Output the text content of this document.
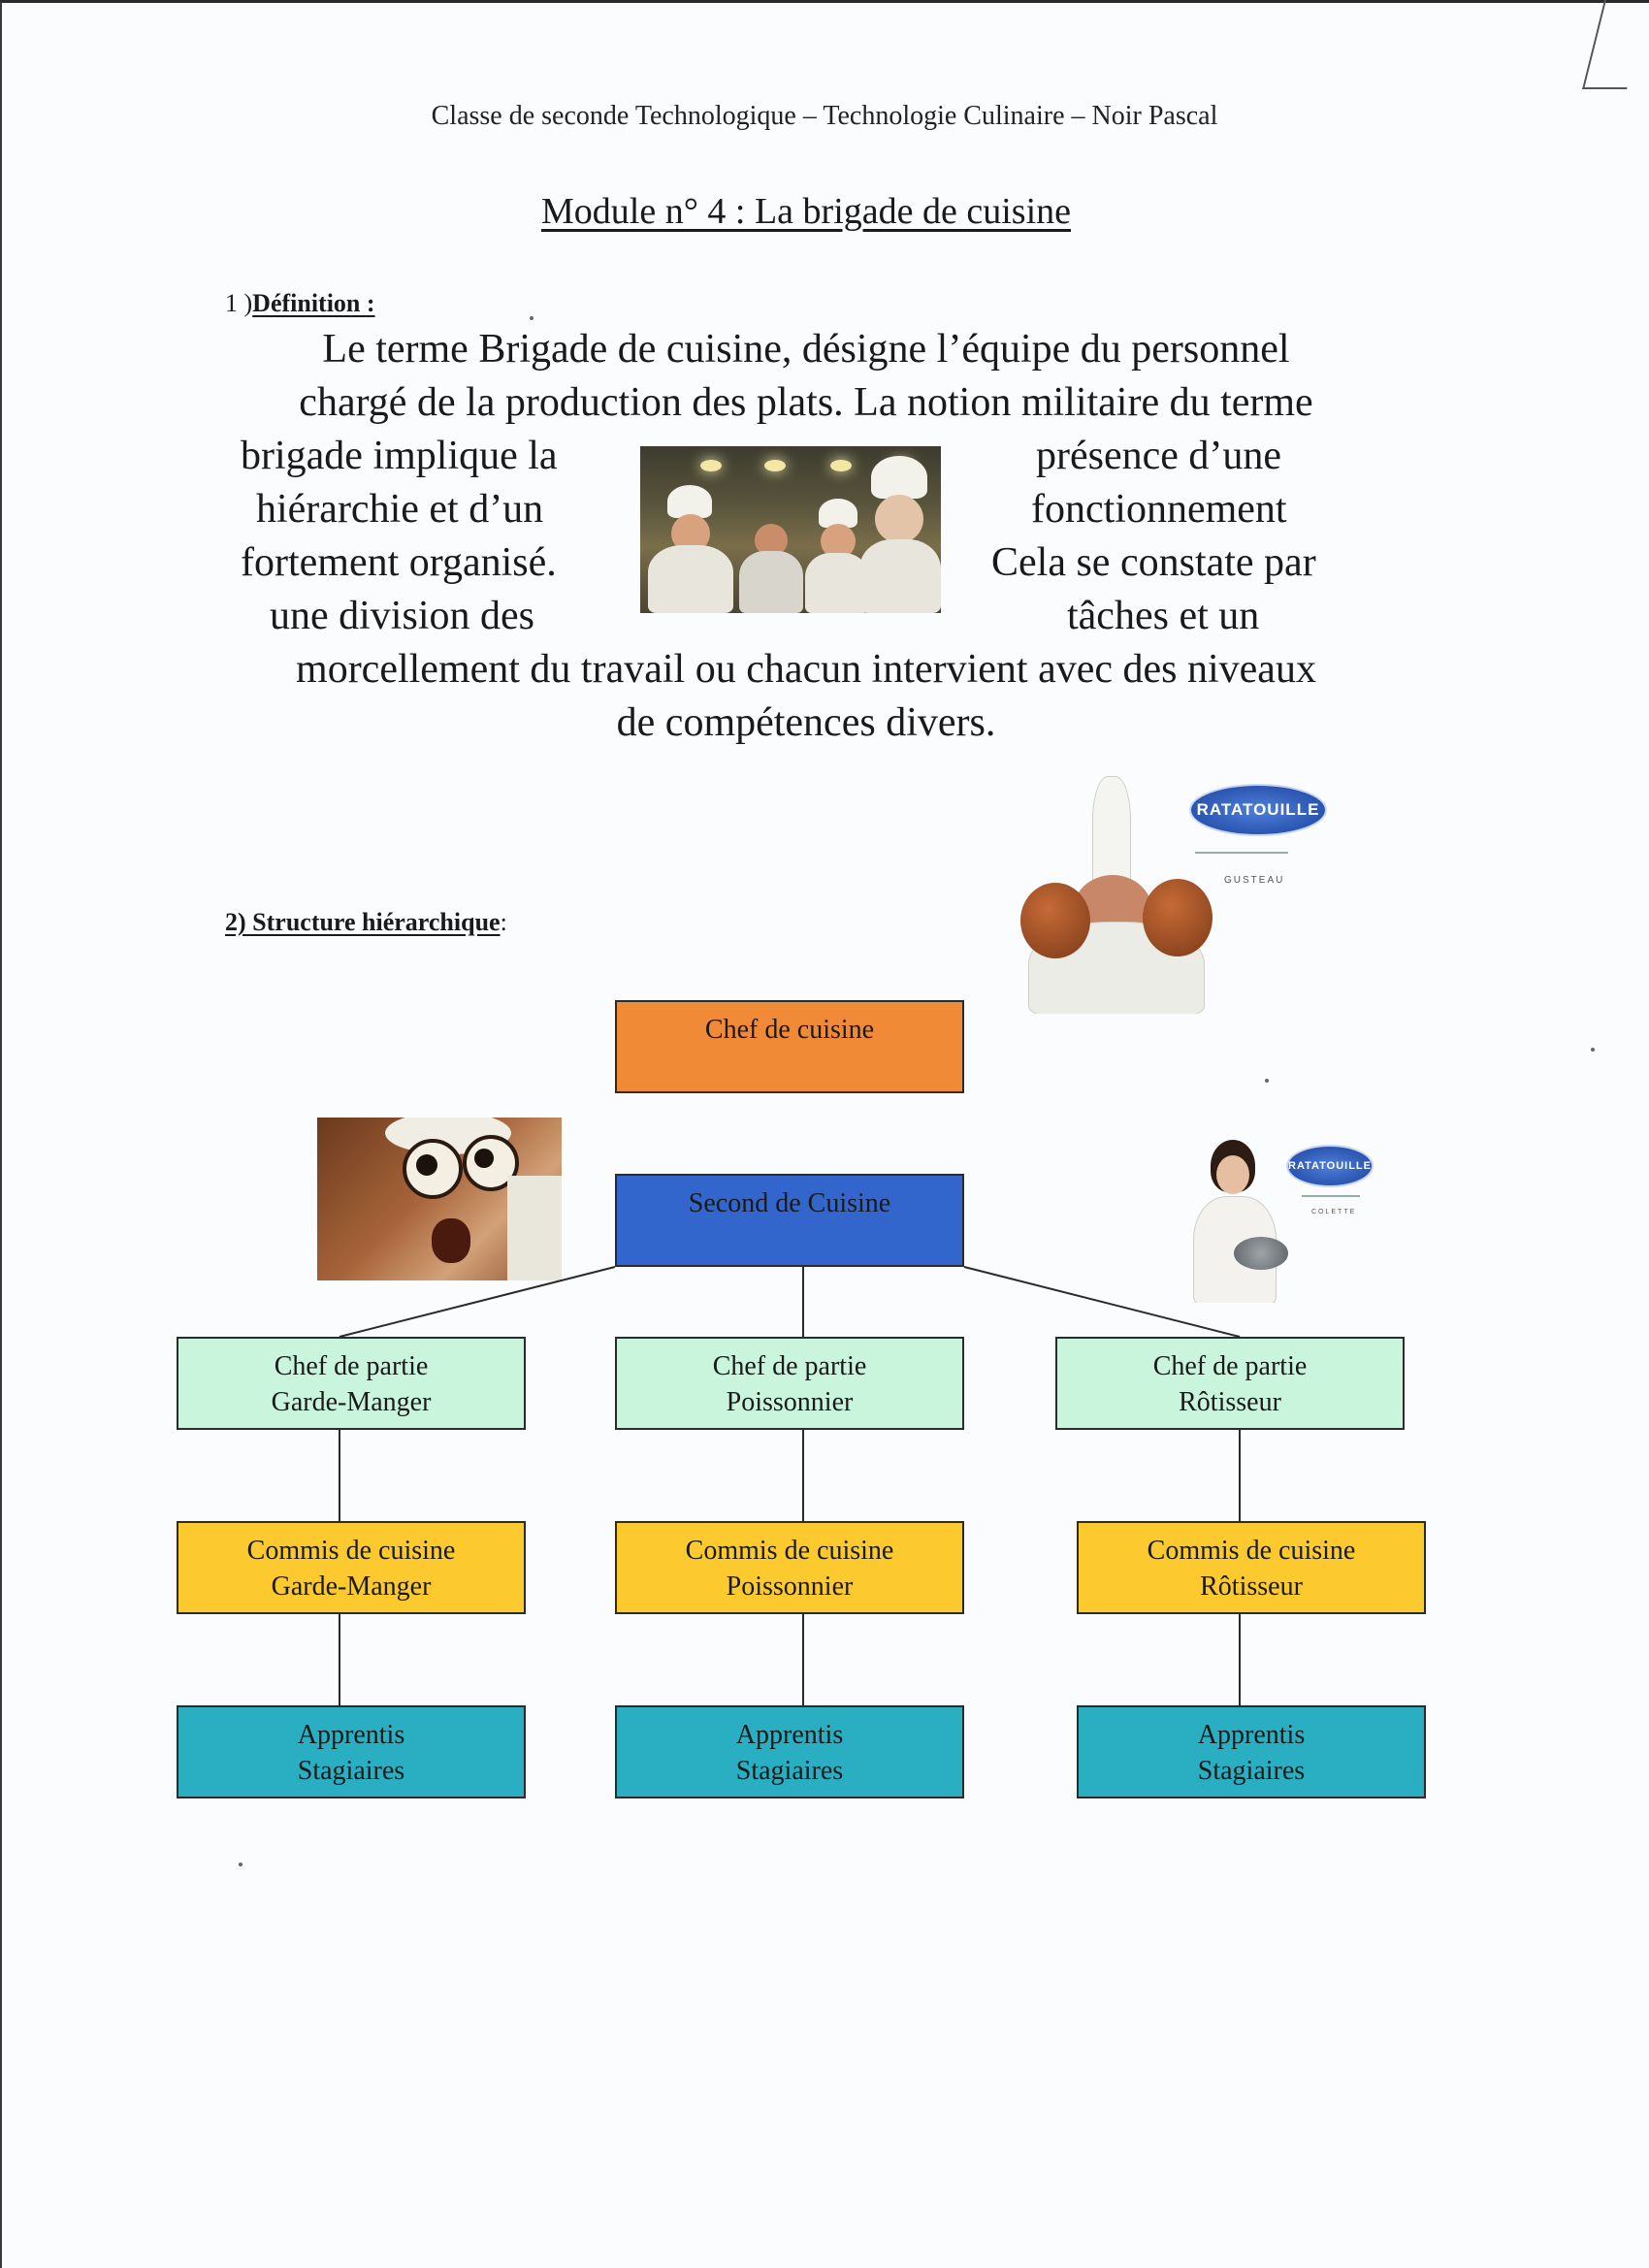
Classe de seconde Technologique – Technologie Culinaire – Noir Pascal
Module n° 4 : La brigade de cuisine
1 )Définition :
Le terme Brigade de cuisine, désigne l’équipe du personnel
chargé de la production des plats. La notion militaire du terme
brigade implique la
hiérarchie et d’un
fortement organisé.
une division des
présence d’une
fonctionnement
Cela se constate par
tâches et un
morcellement du travail ou chacun intervient avec des niveaux
de compétences divers.
RATATOUILLE
GUSTEAU
RATATOUILLE
COLETTE
2) Structure hiérarchique:
Chef de cuisine
Second de Cuisine
Chef de partie
Garde-Manger
Chef de partie
Poissonnier
Chef de partie
Rôtisseur
Commis de cuisine
Garde-Manger
Commis de cuisine
Poissonnier
Commis de cuisine
Rôtisseur
Apprentis
Stagiaires
Apprentis
Stagiaires
Apprentis
Stagiaires
